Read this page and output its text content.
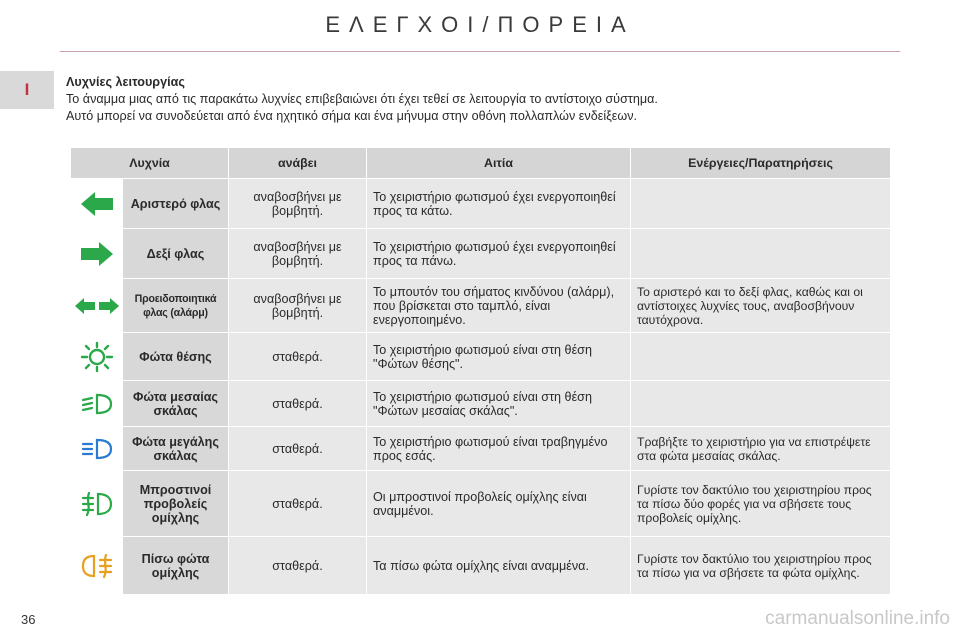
ΕΛΕΓΧΟΙ/ΠΟΡΕΙΑ
I	Λυχνίες λειτουργίας
Το άναμμα μιας από τις παρακάτω λυχνίες επιβεβαιώνει ότι έχει τεθεί σε λειτουργία το αντίστοιχο σύστημα.
Αυτό μπορεί να συνοδεύεται από ένα ηχητικό σήμα και ένα μήνυμα στην οθόνη πολλαπλών ενδείξεων.
Λυχνία		ανάβει	Αιτία	Ενέργειες/Παρατηρήσεις
	Αριστερό φλας	αναβοσβήνει με βομβητή.	Το χειριστήριο φωτισμού έχει ενεργοποιηθεί προς τα κάτω.	
	Δεξί φλας	αναβοσβήνει με βομβητή.	Το χειριστήριο φωτισμού έχει ενεργοποιηθεί προς τα πάνω.	
	Προειδοποιητικά φλας (αλάρμ)	αναβοσβήνει με βομβητή.	Το μπουτόν του σήματος κινδύνου (αλάρμ), που βρίσκεται στο ταμπλό, είναι ενεργοποιημένο.	Το αριστερό και το δεξί φλας, καθώς και οι αντίστοιχες λυχνίες τους, αναβοσβήνουν ταυτόχρονα.
	Φώτα θέσης	σταθερά.	Το χειριστήριο φωτισμού είναι στη θέση "Φώτων θέσης".	
	Φώτα μεσαίας σκάλας	σταθερά.	Το χειριστήριο φωτισμού είναι στη θέση "Φώτων μεσαίας σκάλας".	
	Φώτα μεγάλης σκάλας	σταθερά.	Το χειριστήριο φωτισμού είναι τραβηγμένο προς εσάς.	Τραβήξτε το χειριστήριο για να επιστρέψετε στα φώτα μεσαίας σκάλας.
	Μπροστινοί προβολείς ομίχλης	σταθερά.	Οι μπροστινοί προβολείς ομίχλης είναι αναμμένοι.	Γυρίστε τον δακτύλιο του χειριστηρίου προς τα πίσω δύο φορές για να σβήσετε τους προβολείς ομίχλης.
	Πίσω φώτα ομίχλης	σταθερά.	Τα πίσω φώτα ομίχλης είναι αναμμένα.	Γυρίστε τον δακτύλιο του χειριστηρίου προς τα πίσω για να σβήσετε τα φώτα ομίχλης.
36	carmanualsonline.info
